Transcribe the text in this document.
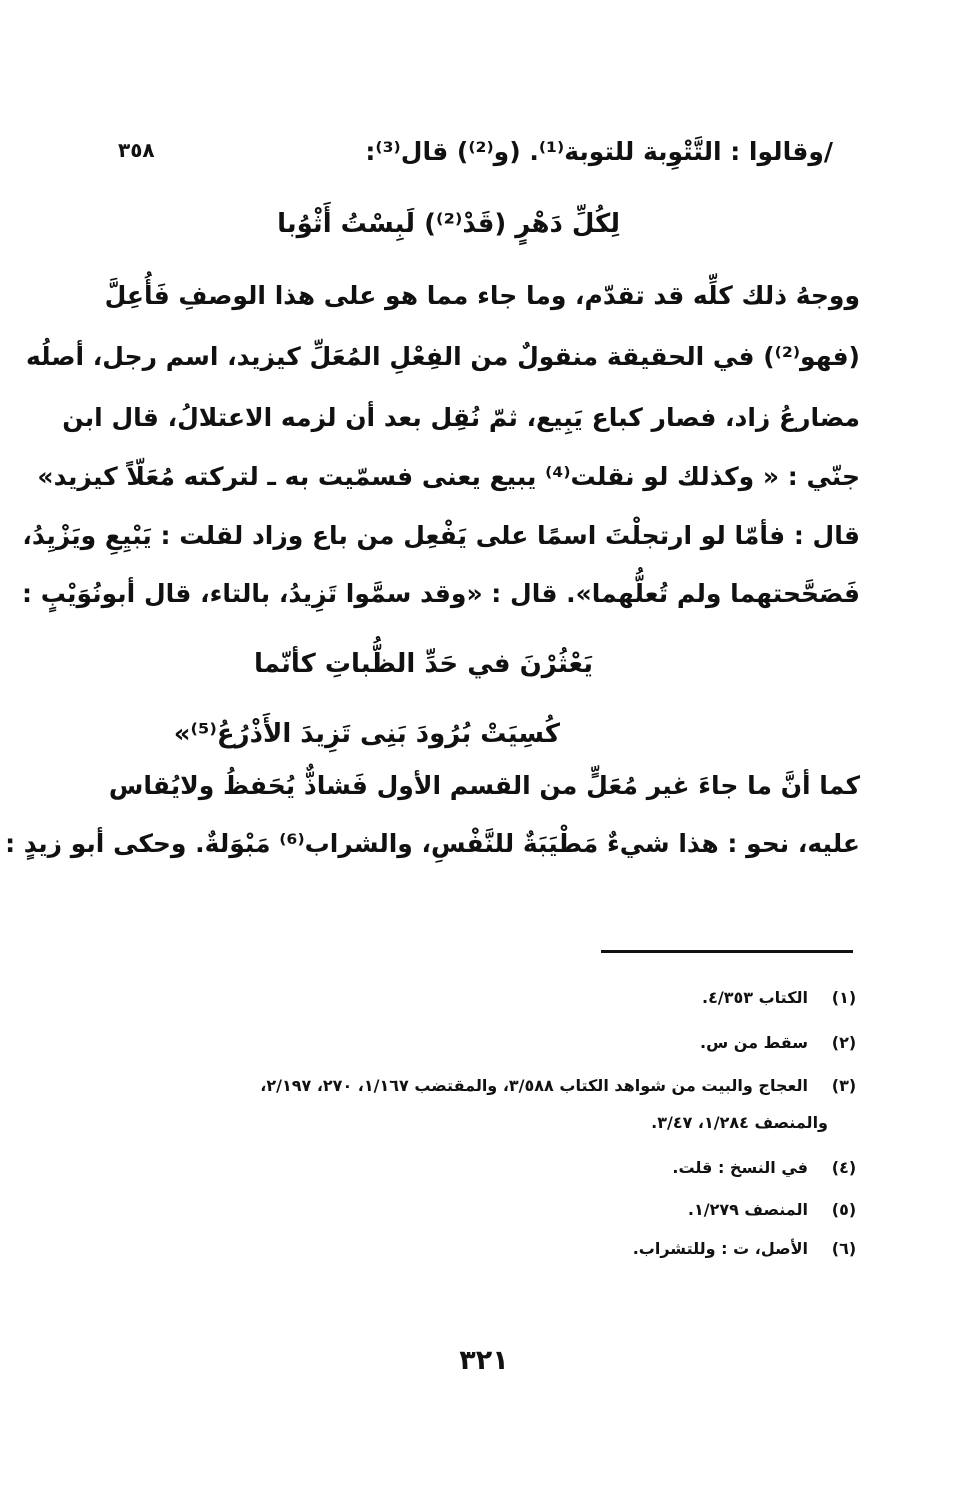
٣٥٨	/وقالوا : التَّتْوِبة للتوبة⁽¹⁾. (و⁽²⁾) قال⁽³⁾:
لِكُلِّ دَهْرٍ (قَدْ⁽²⁾) لَبِسْتُ أَثْوُبا
ووجهُ ذلك كلِّه قد تقدّم، وما جاء مما هو على هذا الوصفِ فَأُعِلَّ
(فهو⁽²⁾) في الحقيقة منقولٌ من الفِعْلِ المُعَلِّ كيزيد، اسم رجل، أصلُه
مضارعُ زاد، فصار كباع يَبِيع، ثمّ نُقِل بعد أن لزمه الاعتلالُ، قال ابن
جنّي : « وكذلك لو نقلت⁽⁴⁾ يبيع يعنى فسمّيت به ـ لتركته مُعَلّاً كيزيد»
قال : فأمّا لو ارتجلْتَ اسمًا على يَفْعِل من باع وزاد لقلت : يَبْيِعِ ويَزْيِدُ،
فَصَحَّحتهما ولم تُعلُّهما». قال : «وقد سمَّوا تَزِيدُ، بالتاء، قال أبونُوَيْبٍ :
يَعْثُرْنَ في حَدِّ الظُّباتِ كأنّما
كُسِيَتْ بُرُودَ بَنِى تَزِيدَ الأَذْرُعُ⁽⁵⁾»
كما أنَّ ما جاءَ غير مُعَلٍّ من القسم الأول فَشاذٌّ يُحَفظُ ولايُقاس
عليه، نحو : هذا شيءٌ مَطْيَبَةٌ للنَّفْسِ، والشراب⁽⁶⁾ مَبْوَلةٌ. وحكى أبو زيدٍ :
(١)
الكتاب ٤/٣٥٣.
(٢)
سقط من س.
(٣)
العجاج والبيت من شواهد الكتاب ٣/٥٨٨، والمقتضب ١/١٦٧، ٢٧٠، ٢/١٩٧،
والمنصف ١/٢٨٤، ٣/٤٧.
(٤)
في النسخ : قلت.
(٥)
المنصف ١/٢٧٩.
(٦)
الأصل، ت : وللتشراب.
٣٢١
